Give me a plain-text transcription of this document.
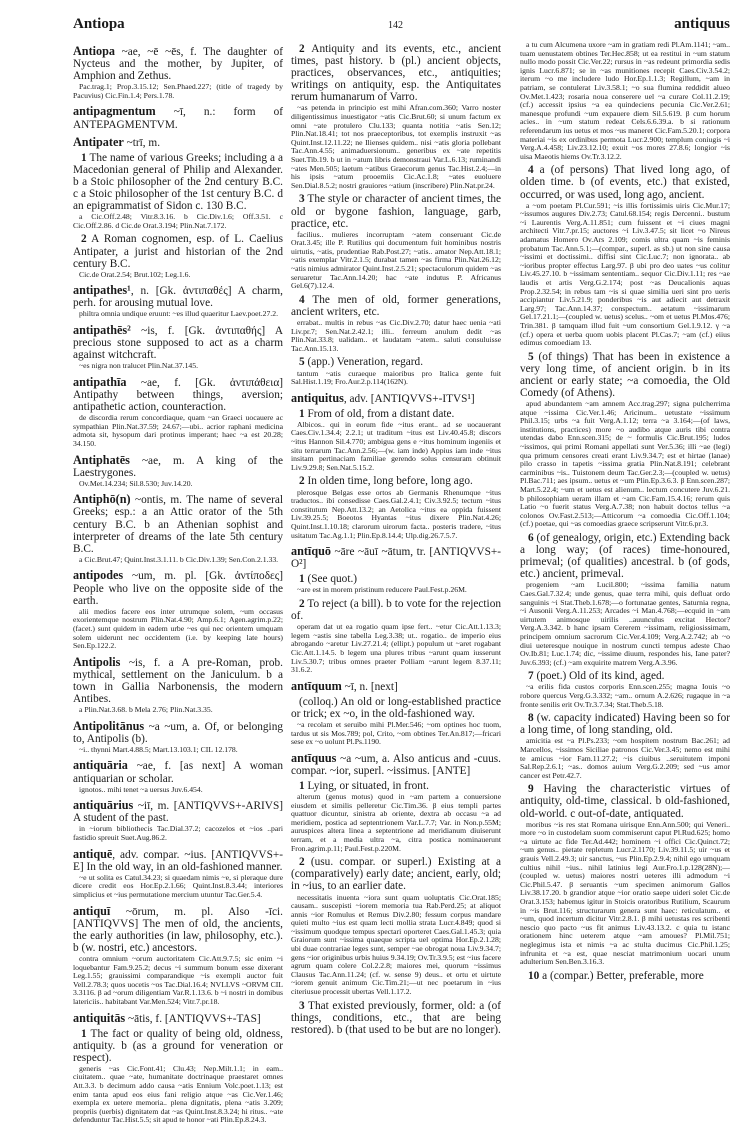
Antiopa	142	antiquus
Antiopa ~ae, ~ē ~ēs, f. The daughter of Nycteus and the mother, by Jupiter, of Amphion and Zethus.
Pac.trag.1; Prop.3.15.12; Sen.Phaed.227; (title of tragedy by Pacuvius) Cic.Fin.1.4; Pers.1.78.
antipagmentum ~ī, n.: form of ANTEPAGMENTVM.
Antipater ~trī, m.
1 The name of various Greeks; including a a Macedonian general of Philip and Alexander. b a Stoic philosopher of the 2nd century B.C. c a Stoic philosopher of the 1st century B.C. d an epigrammatist of Sidon c. 130 B.C.
a Cic.Off.2.48; Vitr.8.3.16. b Cic.Div.1.6; Off.3.51. c Cic.Off.2.86. d Cic.de Orat.3.194; Plin.Nat.7.172.
2 A Roman cognomen, esp. of L. Caelius Antipater, a jurist and historian of the 2nd century B.C.
Cic.de Orat.2.54; Brut.102; Leg.1.6.
antipathes¹, n. [Gk. ἀντιπαθές] A charm, perh. for arousing mutual love.
philtra omnia undique eruunt: ~es illud quaeritur Laev.poet.27.2.
antipathēs² ~is, f. [Gk. ἀντιπαθής] A precious stone supposed to act as a charm against witchcraft.
~es nigra non tralucet Plin.Nat.37.145.
antipathīa ~ae, f. [Gk. ἀντιπάθεια] Antipathy between things, aversion; antipathetic action, counteraction.
de discordia rerum concordiaque, quam ~an Graeci uocauere ac sympathian Plin.Nat.37.59; 24.67;—ubi.. acrior raphani medicina admota sit, hysopum dari protinus imperant; haec ~a est 20.28; 34.150.
Antiphatēs ~ae, m. A king of the Laestrygones.
Ov.Met.14.234; Sil.8.530; Juv.14.20.
Antiphō(n) ~ontis, m. The name of several Greeks; esp.: a an Attic orator of the 5th century B.C. b an Athenian sophist and interpreter of dreams of the late 5th century B.C.
a Cic.Brut.47; Quint.Inst.3.1.11. b Cic.Div.1.39; Sen.Con.2.1.33.
antipodes ~um, m. pl. [Gk. ἀντίποδες] People who live on the opposite side of the earth.
alii medios facere eos inter utrumque solem, ~um occasus exorientemque nostrum Plin.Nat.4.90; Amp.6.1; Agen.agrim.p.22; (facet.) sunt quidem in eadem urbe ~es qui nec orientem umquam solem uiderunt nec occidentem (i.e. by keeping late hours) Sen.Ep.122.2.
Antipolis ~is, f. a A pre-Roman, prob. mythical, settlement on the Janiculum. b a town in Gallia Narbonensis, the modern Antibes.
a Plin.Nat.3.68. b Mela 2.76; Plin.Nat.3.35.
Antipolitānus ~a ~um, a. Of, or belonging to, Antipolis (b).
~i.. thynni Mart.4.88.5; Mart.13.103.1; CIL 12.178.
antiquāria ~ae, f. [as next] A woman antiquarian or scholar.
ignotos.. mihi tenet ~a uersus Juv.6.454.
antiquārius ~iī, m. [ANTIQVVS+-ARIVS] A student of the past.
in ~iorum bibliothecis Tac.Dial.37.2; cacozelos et ~ios ..pari fastidio spreuit Suet.Aug.86.2.
antiquē, adv. compar. ~ius. [ANTIQVVS+-E] In the old way, in an old-fashioned manner.
~e ut solita es Catul.34.23; si quaedam nimis ~e, si pleraque dure dicere credit eos Hor.Ep.2.1.66; Quint.Inst.8.3.44; interiores simplicius et ~ius permutatione mercium utuntur Tac.Ger.5.4.
antiquī ~ōrum, m. pl. Also -īci. [ANTIQVVS] The men of old, the ancients, the early authorities (in law, philosophy, etc.). b (w. nostri, etc.) ancestors.
contra omnium ~orum auctoritatem Cic.Att.9.7.5; sic enim ~i loquebantur Fam.9.25.2; decus ~i summum bonum esse dixerant Leg.1.55; grauissimi comparandique ~is exempli auctor fuit Vell.2.78.3; quos uocetis ~os Tac.Dial.16.4; NVLLVS ~ORVM CIL 3.3116. β ad ~orum diligentiam Var.R.1.13.6. b ~i nostri in domibus latericiis.. habitabant Var.Men.524; Vitr.7.pr.18.
antiquitās ~ātis, f. [ANTIQVVS+-TAS]
1 The fact or quality of being old, oldness, antiquity. b (as a ground for veneration or respect).
generis ~as Cic.Font.41; Clu.43; Nep.Milt.1.1; in eam.. ciuitatem.. quae ~ate, humanitate doctrinaque praestaret omnes Att.3.3. b decimum addo causa ~atis Ennium Volc.poet.1.13; est enim tanta apud eos eius fani religio atque ~as Cic.Ver.1.46; exempla ex uetere memoria.. plena dignitatis, plena ~atis 3.209; propriis (uerbis) dignitatem dat ~as Quint.Inst.8.3.24; hi ritus.. ~ate defenduntur Tac.Hist.5.5; sit apud te honor ~ati Plin.Ep.8.24.3.
2 Antiquity and its events, etc., ancient times, past history. b (pl.) ancient objects, practices, observances, etc., antiquities; writings on antiquity, esp. the Antiquitates rerum humanarum of Varro.
~as petenda in principio est mihi Afran.com.360; Varro noster diligentissimus inuestigator ~atis Cic.Brut.60; si unum factum ex omni ~ate protulero Clu.133; quanta notitia ~atis Sen.12; Plin.Nat.18.41; tot nos praeceptoribus, tot exemplis instruxit ~as Quint.Inst.12.11.22; ne Ilienses quidem.. nisi ~atis gloria pollebant Tac.Ann.4.55; animaduersionum.. generibus ex ~ate repetitis Suet.Tib.19. b ut in ~atum libris demonstraui Var.L.6.13; ruminandi ~ates Men.505; laetum ~atibus Graecorum genus Tac.Hist.2.4;—in his ipsis ~atum prooemiis Cic.Ac.1.8; ~ates euoluere Sen.Dial.8.5.2; nostri grauiores ~atium (inscribere) Plin.Nat.pr.24.
3 The style or character of ancient times, the old or bygone fashion, language, garb, practice, etc.
facilius.. mulieres incorruptam ~atem conseruant Cic.de Orat.3.45; ille P. Rutilius qui documentum fuit hominibus nostris uirtutis, ~atis, prudentiae Rab.Post.27; ~atis.. amator Nep.Att.18.1; ~atis exemplar Vitr.2.1.5; durabat tamen ~as firma Plin.Nat.26.12; ~atis nimius admirator Quint.Inst.2.5.21; spectaculorum quidem ~as seruaretur Tac.Ann.14.20; hac ~ate indutus P. Africanus Gel.6(7).12.4.
4 The men of old, former generations, ancient writers, etc.
errabat.. multis in rebus ~as Cic.Div.2.70; datur haec uenia ~ati Liv.pr.7; Sen.Nat.2.42.1; illi.. ferreum anulum dedit ~as Plin.Nat.33.8; ualidam.. et laudatam ~atem.. saluti consuluisse Tac.Ann.15.13.
5 (app.) Veneration, regard.
tantum ~atis curaeque maioribus pro Italica gente fuit Sal.Hist.1.19; Fro.Aur.2.p.114(162N).
antiquitus, adv. [ANTIQVVS+-ITVS¹]
1 From of old, from a distant date.
Albicos.. qui in eorum fide ~itus erant.. ad se uocauerant Caes.Civ.1.34.4; 2.2.1; ut traditum ~itus est Liv.40.45.8; discors ~itus Hannon Sil.4.770; ambigua gens e ~itus hominum ingeniis et situ terrarum Tac.Ann.2.56;—(w. iam inde) Appius iam inde ~itus insitam pertinaciam familiae gerendo solus censuram obtinuit Liv.9.29.8; Sen.Nat.5.15.2.
2 In olden time, long before, long ago.
plerosque Belgas esse ortos ab Germanis Rhenumque ~itus traductos.. ibi consedisse Caes.Gal.2.4.1; Civ.3.92.5; tectum ~itus constitutum Nep.Att.13.2; an Aetolica ~itus ea oppida fuissent Liv.39.25.5; Boeotos Hyantas ~itus dixere Plin.Nat.4.26; Quint.Inst.1.10.18; clarorum uirorum facta.. posteris tradere, ~itus usitatum Tac.Ag.1.1; Plin.Ep.8.14.4; Ulp.dig.26.7.5.7.
antīquō ~āre ~āuī ~ātum, tr. [ANTIQVVS+-O²]
1 (See quot.)
~are est in morem pristinum reducere Paul.Fest.p.26M.
2 To reject (a bill). b to vote for the rejection of.
operam dat ut ea rogatio quam ipse fert.. ~etur Cic.Att.1.13.3; legem ~astis sine tabella Leg.3.38; ut.. rogatio.. de imperio eius abrogando ~aretur Liv.27.21.4; (ellipt.) populum ut ~aret rogabant Cic.Att.1.14.5. b legem una plures tribus ~arunt quam iusserunt Liv.5.30.7; tribus omnes praeter Polliam ~arunt legem 8.37.11; 31.6.2.
antīquum ~ī, n. [next]
(colloq.) An old or long-established practice or trick; ex ~o, in the old-fashioned way.
~a recolam et seruibo mihi Pl.Mer.546; ~om optines hoc tuom, tardus ut sis Mos.789; pol, Crito, ~om obtines Ter.An.817;—fricari sese ex ~o uolunt Pl.Ps.1190.
antīquus ~a ~um, a. Also anticus and -cuus. compar. ~ior, superl. ~issimus. [ANTE]
1 Lying, or situated, in front.
alterum (genus motus) quod in ~am partem a conuersione eiusdem et similis pelleretur Cic.Tim.36. β eius templi partes quattuor dicuntur, sinistra ab oriente, dextra ab occasu ~a ad meridiem, postica ad septentrionem Var.L.7.7; Var. in Non.p.55M; auruspices altera linea a septentrione ad meridianum diuiserunt terram, et a media ultra ~a, citra postica nominauerunt Fron.agrim.p.11; Paul.Fest.p.220M.
2 (usu. compar. or superl.) Existing at a (comparatively) early date; ancient, early, old; in ~ius, to an earlier date.
necessitatis inuenta ~iora sunt quam uoluptatis Cic.Orat.185; causam.. suscepisti ~iorem memoria tua Rab.Perd.25; at aliquot annis ~ior Romulus et Remus Div.2.80; fessum corpus mandare quieti multo ~ius est quam lecti mollia strata Lucr.4.849; quod si ~issimum quodque tempus spectari oporteret Caes.Gal.1.45.3; quia Graiorum sunt ~issima quaeque scripta uel optima Hor.Ep.2.1.28; ubi duae contrariae leges sunt, semper ~ae obrogat noua Liv.9.34.7; gens ~ior originibus urbis huius 9.34.19; Ov.Tr.3.9.5; est ~ius facere agrum quam colere Col.2.2.8; maiores mei, quorum ~issimus Clausus Tac.Ann.11.24; (cf. w. sense 9) deus.. et ortu et uirtute ~iorem genuit animum Cic.Tim.21;—ut nec poetarum in ~ius citeriusue processit ubertas Vell.1.17.2.
3 That existed previously, former, old: a (of things, conditions, etc., that are being restored). b (that used to be but are no longer).
a tu cum Alcumena uxore ~am in gratiam redi Pl.Am.1141; ~am.. tuam uenustatem obtines Ter.Hec.858; ut ea restitui in ~um statum nullo modo possit Cic.Ver.22; rursus in ~as redeunt primordia sedis ignis Lucr.6.871; se in ~as munitiones recepit Caes.Civ.3.54.2; iterum ~o me includere ludo Hor.Ep.1.1.3; Regillum, ~am in patriam, se contulerat Liv.3.58.1; ~o sua flumina reddidit alueo Ov.Met.1.423; rosaria noua conserere uel ~a curare Col.11.2.19; (cf.) accessit ipsius ~a ea quindeciens pecunia Cic.Ver.2.61; manesque profundi ~um expauere diem Sil.5.619. β cum horum acies.. in ~um statum redeat Cels.6.6.39.a. b si rationum referendarum ius uetus et mos ~us maneret Cic.Fam.5.20.1; corpora materiai ~is ex ordinibus permota Lucr.2.900; templum coniugis ~i Verg.A.4.458; Liv.23.12.10; exuit ~os mores 27.8.6; longior ~is uisa Maeotis hiems Ov.Tr.3.12.2.
4 a (of persons) That lived long ago, of olden time. b (of events, etc.) that existed, occurred, or was used, long ago, ancient.
a ~om poetam Pl.Cur.591; ~is illis fortissimis uiris Cic.Mur.17; ~issumos augures Div.2.73; Catul.68.154; regis Dercenni.. bustum ~i Laurentis Verg.A.11.851; cum fuissent et ~i ciues magni architecti Vitr.7.pr.15; auctores ~i Liv.3.47.5; sit licet ~o Nireus adamatus Homero Ov.Ars 2.109; comis ultra quam ~is feminis probatum Tac.Ann.5.1;—(compar., superl. as sb.) ut non sine causa ~issimi et doctissimi.. diffisi sint Cic.Luc.7; non ignorata.. ab ~ioribus propter effectus Larg.97. β ubi pro deo uates ~us colitur Liv.45.27.10. b ~issimam sententiam.. sequor Cic.Div.1.11; res ~ae laudis et artis Verg.G.2.174; post ~as Deucalionis aquas Prop.2.32.54; in rebus tam ~is si quae similia ueri sint pro ueris accipiantur Liv.5.21.9; ponderibus ~is aut adiecit aut detraxit Larg.97; Tac.Ann.14.37; conspectum.. aetatum ~issimarum Gel.17.21.1;—(coupled w. uetus) scelus.. ~om et uetus Pl.Mos.476; Trin.381. β tamquam illud fuit ~um consortium Gel.1.9.12. γ ~a (cf.) opera et uerba quom uobis placent Pl.Cas.7; ~am (cf.) eiius edimus comoediam 13.
5 (of things) That has been in existence a very long time, of ancient origin. b in its ancient or early state; ~a comoedia, the Old Comedy (of Athens).
apud abundantem ~am amnem Acc.trag.297; signa pulcherrima atque ~issima Cic.Ver.1.46; Aricinum.. uetustate ~issimum Phil.3.15; urbs ~a fuit Verg.A.1.12; terra ~a 3.164;—(of laws, institutions, practices) more ~o audibo atque auris tibi contra utendas dabo Enn.scen.315; de ~ formulis Cic.Brut.195; ludos ~issimos, qui primi Romani appellati sunt Ver.5.36; illi ~ae (legi) qua primum censores creati erant Liv.9.34.7; est et hirtae (lanae) pilo crasso in tapetis ~issima gratia Plin.Nat.8.191; celebrant carminibus ~is.. Tuistonem deum Tac.Ger.2.3;—(coupled w. uetus) Pl.Bac.711; aes ipsum.. uetus et ~um Plin.Ep.3.6.3. β Enn.scen.287; Mart.5.22.4; ~um et uetus est alienum.. lectum concutere Juv.6.21. b philosophiam ueram illam et ~am Cic.Fam.15.4.16; rerum quis Latio ~o fuerit status Verg.A.7.38; non habuit doctos tellus ~a colonos Ov.Fast.2.513;—Atticorum ~a comoedia Cic.Off.1.104; (cf.) poetae, qui ~as comoedias graece scripserunt Vitr.6.pr.3.
6 (of genealogy, origin, etc.) Extending back a long way; (of races) time-honoured, primeval; (of qualities) ancestral. b (of gods, etc.) ancient, primeval.
progeniem ~am Lucil.800; ~issima familia natum Caes.Gal.7.32.4; unde genus, quae terra mihi, quis defluat ordo sanguinis ~i Stat.Theb.1.678;—o fortunatae gentes, Saturnia regna, ~i Ausonii Verg.A.11.253; Arcades ~i Man.4.768;—ecquid in ~am uirtutem animosque uirilis ..auunculus excitat Hector? Verg.A.3.342. b hanc ipsam Cererem ~issimam, religiosissimam, principem omnium sacrorum Cic.Ver.4.109; Verg.A.2.742; ab ~o diui ueteresque nouique in nostrum cuncti tempus adeste Chao Ov.Ib.81; Luc.1.74; dic, ~issime diuum, respondes his, Iane pater? Juv.6.393; (cf.) ~am exquirite matrem Verg.A.3.96.
7 (poet.) Old of its kind, aged.
~a erilis fida custos corporis Enn.scen.255; magna Iouis ~o robore quercus Verg.G.3.332; ~am.. ornum A.2.626; rugaque in ~a fronte senilis erit Ov.Tr.3.7.34; Stat.Theb.5.18.
8 (w. capacity indicated) Having been so for a long time, of long standing, old.
amicitia est ~a Pl.Ps.233; ~om hospitem nostrum Bac.261; ad Marcellos, ~issimos Siciliae patronos Cic.Ver.3.45; nemo est mihi te amicus ~ior Fam.11.27.2; ~is ciuibus ..seruitutem imponi Sal.Rep.2.6.1; ~as.. domos auium Verg.G.2.209; sed ~us amor cancer est Petr.42.7.
9 Having the characteristic virtues of antiquity, old-time, classical. b old-fashioned, old-world. c out-of-date, antiquated.
moribus ~is res stat Romana uirisque Enn.Ann.500; qui Veneri.. more ~o in custodelam suom commiserunt caput Pl.Rud.625; homo ~a uirtute ac fide Ter.Ad.442; hominem ~i offici Cic.Quinct.72; ~um genus.. pietate repletum Lucr.2.1170; Liv.39.11.5; uir ~us et grauis Vell.2.49.3; uir sanctus, ~us Plin.Ep.2.9.4; nihil ego umquam cultius nihil ~ius.. nihil latinius legi Aur.Fro.1.p.128(28N);—(coupled w. uetus) maiores nostri ueteres illi admodum ~i Cic.Phil.5.47. β seruantis ~um specimen animorum Gallos Liv.38.17.20. b grandior atque ~ior oratio saepe uideri solet Cic.de Orat.3.153; habemus igitur in Stoicis oratoribus Rutilium, Scaurum in ~is Brut.116; structurarum genera sunt haec: reticulatum.. et ~um, quod incertum dicitur Vitr.2.8.1. β mihi uetustas res scribenti nescio quo pacto ~us fit animus Liv.43.13.2. c quia tu istanc orationem hinc ueterem atque ~am amoues? Pl.Mil.751; neglegimus ista et nimis ~a ac stulta ducimus Cic.Phil.1.25; infrunita et ~a est, quae nesciat matrimonium uocari unum adulterium Sen.Ben.3.16.3.
10 a (compar.) Better, preferable, more
